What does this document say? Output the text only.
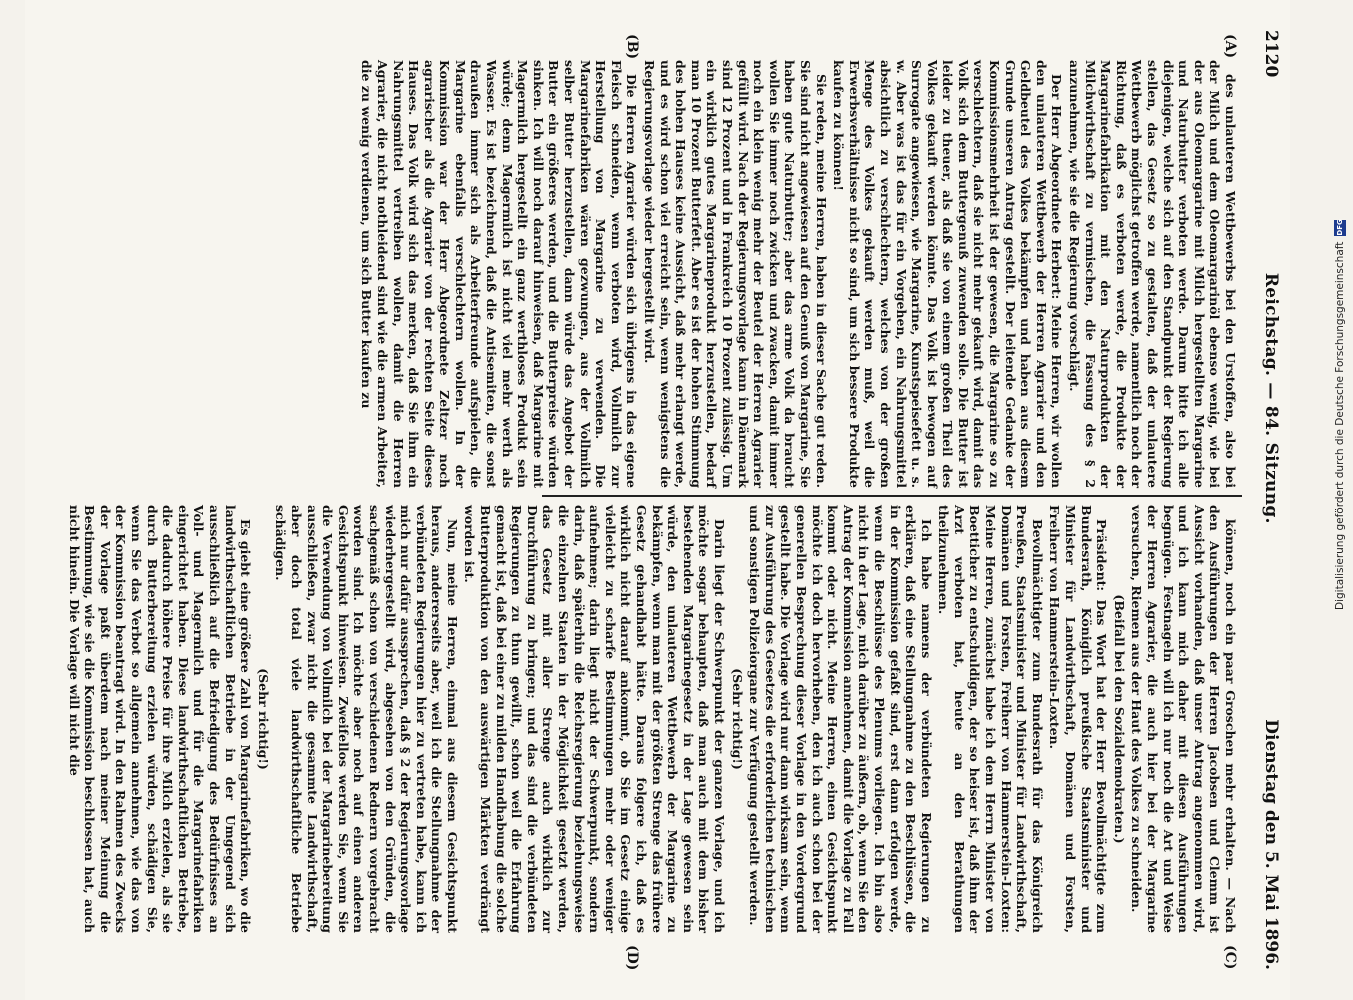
2120
Reichstag. — 84. Sitzung.
Dienstag den 5. Mai 1896.
(A)
(B)
(C)
(D)

des unlauteren Wettbewerbs bei den Urstoffen, also bei der Milch und dem Oleomargarinöl ebenso wenig, wie bei der aus Oleomargarine mit Milch hergestellten Margarine und Naturbutter verboten werde. Darum bitte ich alle diejenigen, welche sich auf den Standpunkt der Regierung stellen, das Gesetz so zu gestalten, daß der unlautere Wettbewerb möglichst getroffen werde, namentlich noch der Richtung, daß es verboten werde, die Produkte der Margarinefabrikation mit den Naturprodukten der Milchwirthschaft zu vermischen, die Fassung des § 2 anzunehmen, wie sie die Regierung vorschlägt.

Der Herr Abgeordnete Herbert: Meine Herren, wir wollen den unlauteren Wettbewerb der Herren Agrarier und den Geldbeutel des Volkes bekämpfen und haben aus diesem Grunde unseren Antrag gestellt. Der leitende Gedanke der Kommissionsmehrheit ist der gewesen, die Margarine so zu verschlechtern, daß sie nicht mehr gekauft wird, damit das Volk sich dem Buttergenuß zuwenden solle. Die Butter ist leider zu theuer, als daß sie von einem großen Theil des Volkes gekauft werden könnte. Das Volk ist bewogen auf Surrogate angewiesen, wie Margarine, Kunstspeisefett u. s. w. Aber was ist das für ein Vorgehen, ein Nahrungsmittel absichtlich zu verschlechtern, welches von der großen Menge des Volkes gekauft werden muß, weil die Erwerbsverhältnisse nicht so sind, um sich bessere Produkte kaufen zu können!

Sie reden, meine Herren, haben in dieser Sache gut reden. Sie sind nicht angewiesen auf den Genuß von Margarine, Sie haben gute Naturbutter; aber das arme Volk da braucht wollen Sie immer noch zwicken und zwacken, damit immer noch ein klein wenig mehr der Beutel der Herren Agrarier gefüllt wird. Nach der Regierungsvorlage kann in Dänemark sind 12 Prozent und in Frankreich 10 Prozent zulässig. Um ein wirklich gutes Margarineprodukt herzustellen, bedarf man 10 Prozent Butterfett. Aber es ist der hohen Stimmung des hohen Hauses keine Aussicht, daß mehr erlangt werde, und es wird schon viel erreicht sein, wenn wenigstens die Regierungsvorlage wieder hergestellt wird.

Die Herren Agrarier würden sich übrigens in das eigene Fleisch schneiden, wenn verboten wird, Vollmilch zur Herstellung von Margarine zu verwenden. Die Margarinefabriken wären gezwungen, aus der Vollmilch selber Butter herzustellen, dann würde das Angebot der Butter ein größeres werden, und die Butterpreise würden sinken. Ich will noch darauf hinweisen, daß Margarine mit Magermilch hergestellt ein ganz werthloses Produkt sein würde; denn Magermilch ist nicht viel mehr werth als Wasser. Es ist bezeichnend, daß die Antisemiten, die sonst draußen immer sich als Arbeiterfreunde aufspielen, die Margarine ebenfalls verschlechtern wollen. In der Kommission war der Herr Abgeordnete Zeltzer noch agrarischer als die Agrarier von der rechten Seite dieses Hauses. Das Volk wird sich das merken, daß Sie ihm ein Nahrungsmittel vertreiben wollen, damit die Herren Agrarier, die nicht nothleidend sind wie die armen Arbeiter, die zu wenig verdienen, um sich Butter kaufen zu

können, noch ein paar Groschen mehr erhalten. — Nach den Ausführungen der Herren Jacobsen und Clemm ist Aussicht vorhanden, daß unser Antrag angenommen wird, und ich kann mich daher mit diesen Ausführungen begnügen. Festnageln will ich nur noch die Art und Weise der Herren Agrarier, die auch hier bei der Margarine versuchen, Riemen aus der Haut des Volkes zu schneiden.

(Beifall bei den Sozialdemokraten.)

Präsident: Das Wort hat der Herr Bevollmächtigte zum Bundesrath, Königlich preußische Staatsminister und Minister für Landwirthschaft, Domänen und Forsten, Freiherr von Hammerstein-Loxten.

Bevollmächtigter zum Bundesrath für das Königreich Preußen, Staatsminister und Minister für Landwirthschaft, Domänen und Forsten, Freiherr von Hammerstein-Loxten: Meine Herren, zunächst habe ich dem Herrn Minister von Boetticher zu entschuldigen, der so heiser ist, daß ihm der Arzt verboten hat, heute an den Berathungen theilzunehmen.

Ich habe namens der verbündeten Regierungen zu erklären, daß eine Stellungnahme zu den Beschlüssen, die in der Kommission gefaßt sind, erst dann erfolgen werde, wenn die Beschlüsse des Plenums vorliegen. Ich bin also nicht in der Lage, mich darüber zu äußern, ob, wenn Sie den Antrag der Kommission annehmen, damit die Vorlage zu Fall kommt oder nicht. Meine Herren, einen Gesichtspunkt möchte ich doch hervorheben, den ich auch schon bei der generellen Besprechung dieser Vorlage in den Vordergrund gestellt habe. Die Vorlage wird nur dann wirksam sein, wenn zur Ausführung des Gesetzes die erforderlichen technischen und sonstigen Polizeiorgane zur Verfügung gestellt werden.

(Sehr richtig!)

Darin liegt der Schwerpunkt der ganzen Vorlage, und ich möchte sogar behaupten, daß man auch mit dem bisher bestehenden Margarinegesetz in der Lage gewesen sein würde, den unlauteren Wettbewerb der Margarine zu bekämpfen, wenn man mit der größten Strenge das frühere Gesetz gehandhabt hätte. Daraus folgere ich, daß es wirklich nicht darauf ankommt, ob Sie im Gesetz einige vielleicht zu scharfe Bestimmungen mehr oder weniger aufnehmen; darin liegt nicht der Schwerpunkt, sondern darin, daß späterhin die Reichsregierung beziehungsweise die einzelnen Staaten in der Möglichkeit gesetzt werden, das Gesetz mit aller Strenge auch wirklich zur Durchführung zu bringen; und das sind die verbündeten Regierungen zu thun gewillt, schon weil die Erfahrung gemacht ist, daß bei einer zu milden Handhabung die solche Butterproduktion von den auswärtigen Märkten verdrängt worden ist.

Nun, meine Herren, einmal aus diesem Gesichtspunkt heraus, andererseits aber, weil ich die Stellungnahme der verbündeten Regierungen hier zu vertreten habe, kann ich mich nur dafür aussprechen, daß § 2 der Regierungsvorlage wiederhergestellt wird, abgesehen von den Gründen, die sachgemäß schon von verschiedenen Rednern vorgebracht worden sind. Ich möchte aber noch auf einen anderen Gesichtspunkt hinweisen. Zweifellos werden Sie, wenn Sie die Verwendung von Vollmilch bei der Margarinebereitung ausschließen, zwar nicht die gesammte Landwirthschaft, aber doch total viele landwirthschaftliche Betriebe schädigen.

(Sehr richtig!)

Es giebt eine größere Zahl von Margarinefabriken, wo die landwirthschaftlichen Betriebe in der Umgegend sich ausschließlich auf die Befriedigung des Bedürfnisses an Voll- und Magermilch und für die Margarinefabriken eingerichtet haben. Diese landwirthschaftlichen Betriebe, die dadurch höhere Preise für ihre Milch erzielen, als sie durch Butterbereitung erzielen würden, schädigen Sie, wenn Sie das Verbot so allgemein annehmen, wie das von der Kommission beantragt wird. In den Rahmen des Zwecks der Vorlage paßt überdem nach meiner Meinung die Bestimmung, wie sie die Kommission beschlossen hat, auch nicht hinein. Die Vorlage will nicht die

Digitalisierung gefördert durch die Deutsche Forschungsgemeinschaft
DFG
